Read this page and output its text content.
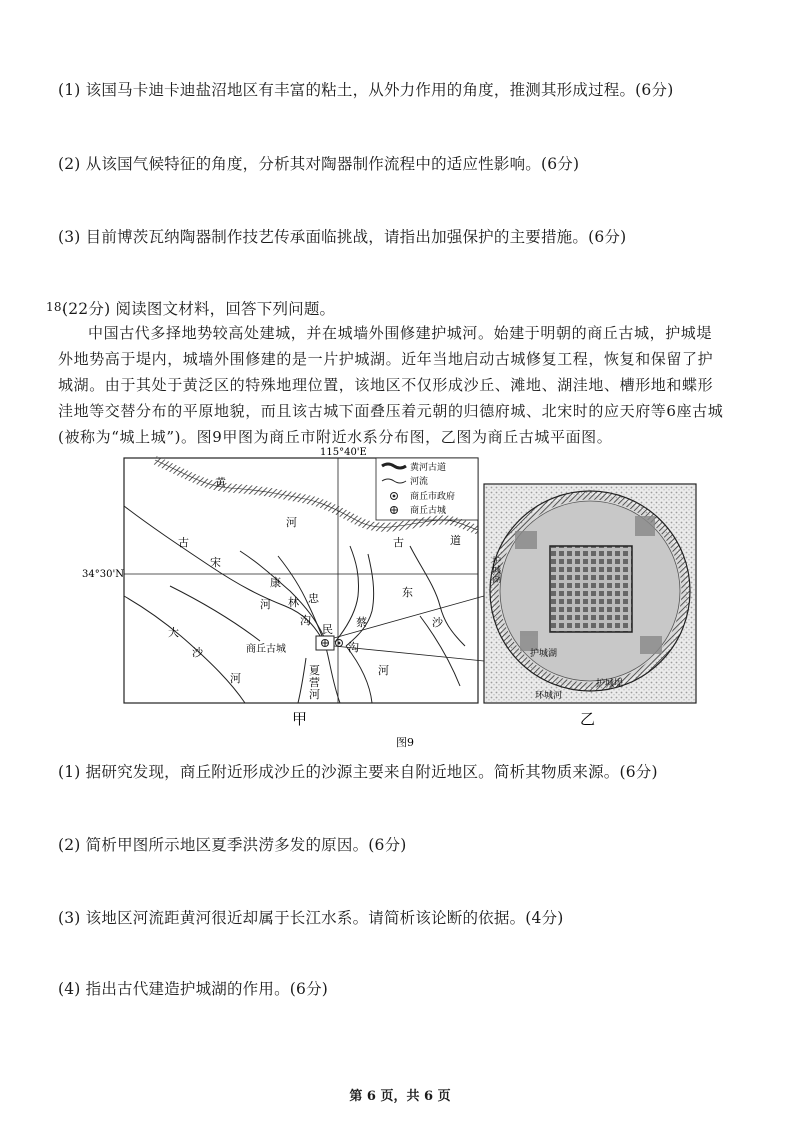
(1) 该国马卡迪卡迪盐沼地区有丰富的粘土，从外力作用的角度，推测其形成过程。(6分)
(2) 从该国气候特征的角度，分析其对陶器制作流程中的适应性影响。(6分)
(3) 目前博茨瓦纳陶器制作技艺传承面临挑战，请指出加强保护的主要措施。(6分)
18.
(22分) 阅读图文材料，回答下列问题。
中国古代多择地势较高处建城，并在城墙外围修建护城河。始建于明朝的商丘古城，护城堤
外地势高于堤内，城墙外围修建的是一片护城湖。近年当地启动古城修复工程，恢复和保留了护
城湖。由于其处于黄泛区的特殊地理位置，该地区不仅形成沙丘、滩地、湖洼地、槽形地和蝶形
洼地等交替分布的平原地貌，而且该古城下面叠压着元朝的归德府城、北宋时的应天府等6座古城
(被称为“城上城”)。图9甲图为商丘市附近水系分布图，乙图为商丘古城平面图。
115°40'E
34°30'N
黄河古道
河流
商丘市政府
商丘古城
黄
河
古	道
古
宋
康
河 林 忠
沟
民
沟
蔡
东
沙
河
大
沙
河
商丘古城
夏
营
河
护城湖
护城湖
护城堤
环城河
甲	乙
图9
(1) 据研究发现，商丘附近形成沙丘的沙源主要来自附近地区。简析其物质来源。(6分)
(2) 简析甲图所示地区夏季洪涝多发的原因。(6分)
(3) 该地区河流距黄河很近却属于长江水系。请简析该论断的依据。(4分)
(4) 指出古代建造护城湖的作用。(6分)
第 6 页，共 6 页
